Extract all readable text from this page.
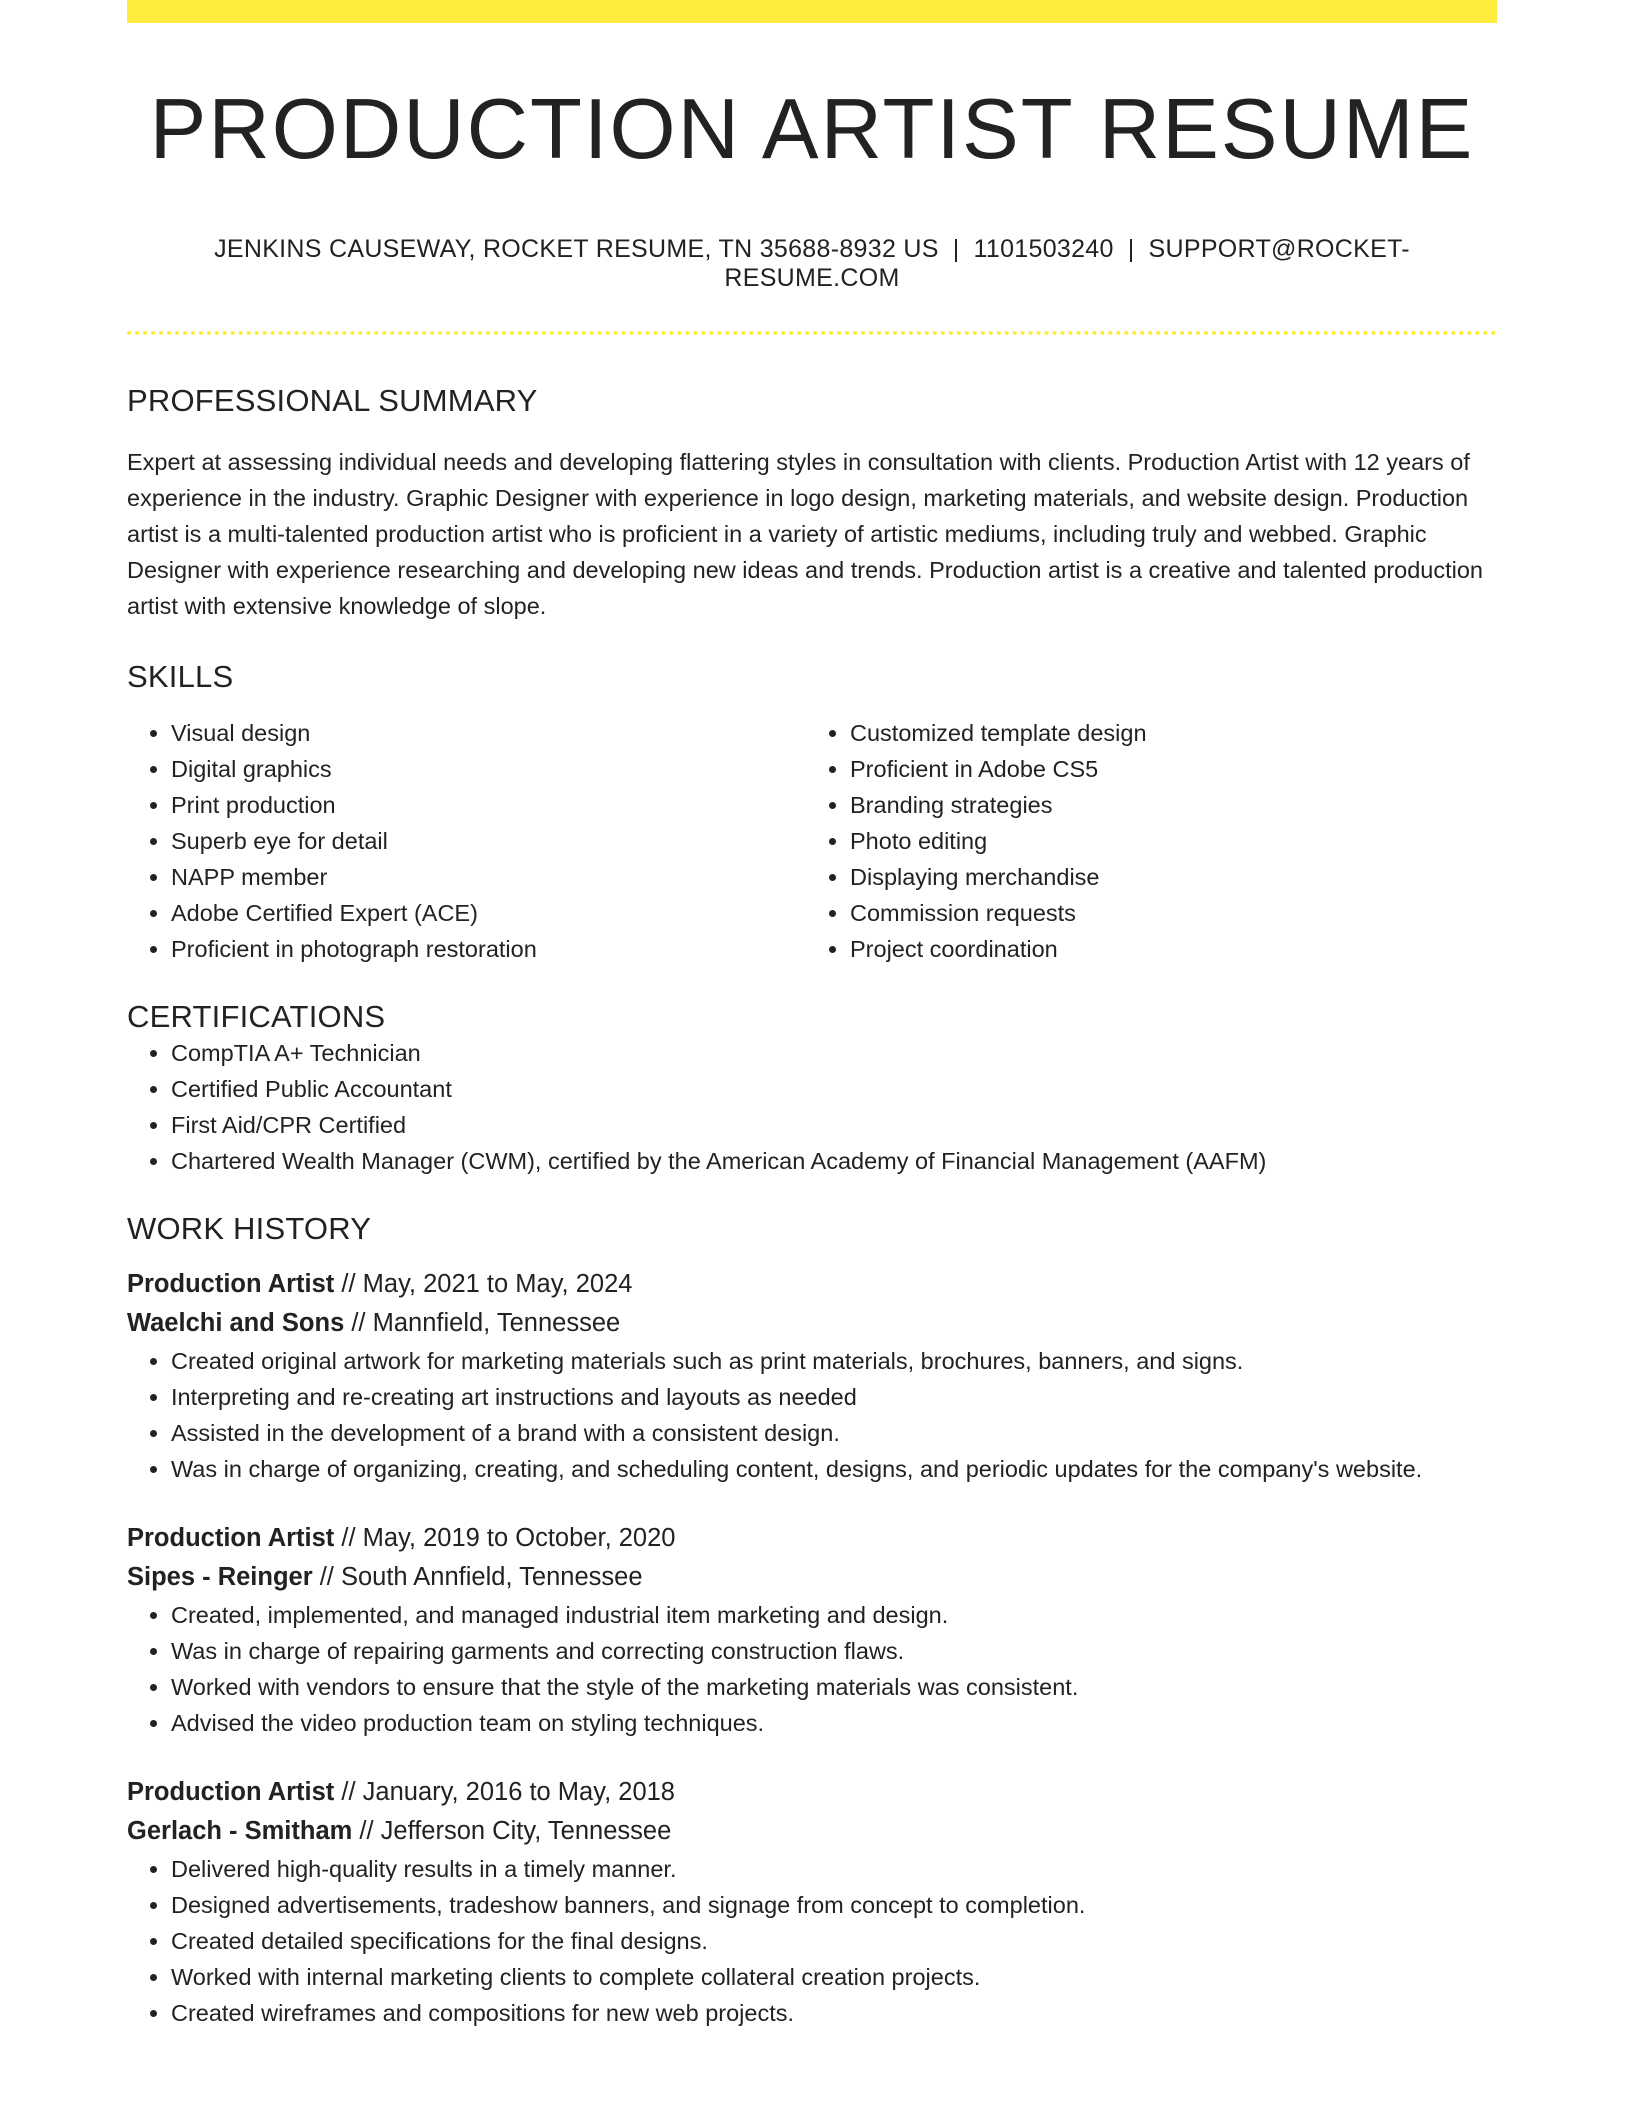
PRODUCTION ARTIST RESUME
JENKINS CAUSEWAY, ROCKET RESUME, TN 35688-8932 US | 1101503240 | SUPPORT@ROCKET-RESUME.COM
PROFESSIONAL SUMMARY

Expert at assessing individual needs and developing flattering styles in consultation with clients. Production Artist with 12 years of experience in the industry. Graphic Designer with experience in logo design, marketing materials, and website design. Production artist is a multi-talented production artist who is proficient in a variety of artistic mediums, including truly and webbed. Graphic Designer with experience researching and developing new ideas and trends. Production artist is a creative and talented production artist with extensive knowledge of slope.

SKILLS
• Visual design
• Digital graphics
• Print production
• Superb eye for detail
• NAPP member
• Adobe Certified Expert (ACE)
• Proficient in photograph restoration
• Customized template design
• Proficient in Adobe CS5
• Branding strategies
• Photo editing
• Displaying merchandise
• Commission requests
• Project coordination
CERTIFICATIONS
• CompTIA A+ Technician
• Certified Public Accountant
• First Aid/CPR Certified
• Chartered Wealth Manager (CWM), certified by the American Academy of Financial Management (AAFM)
WORK HISTORY
Production Artist // May, 2021 to May, 2024
Waelchi and Sons // Mannfield, Tennessee
• Created original artwork for marketing materials such as print materials, brochures, banners, and signs.
• Interpreting and re-creating art instructions and layouts as needed
• Assisted in the development of a brand with a consistent design.
• Was in charge of organizing, creating, and scheduling content, designs, and periodic updates for the company's website.
Production Artist // May, 2019 to October, 2020
Sipes - Reinger // South Annfield, Tennessee
• Created, implemented, and managed industrial item marketing and design.
• Was in charge of repairing garments and correcting construction flaws.
• Worked with vendors to ensure that the style of the marketing materials was consistent.
• Advised the video production team on styling techniques.
Production Artist // January, 2016 to May, 2018
Gerlach - Smitham // Jefferson City, Tennessee
• Delivered high-quality results in a timely manner.
• Designed advertisements, tradeshow banners, and signage from concept to completion.
• Created detailed specifications for the final designs.
• Worked with internal marketing clients to complete collateral creation projects.
• Created wireframes and compositions for new web projects.
